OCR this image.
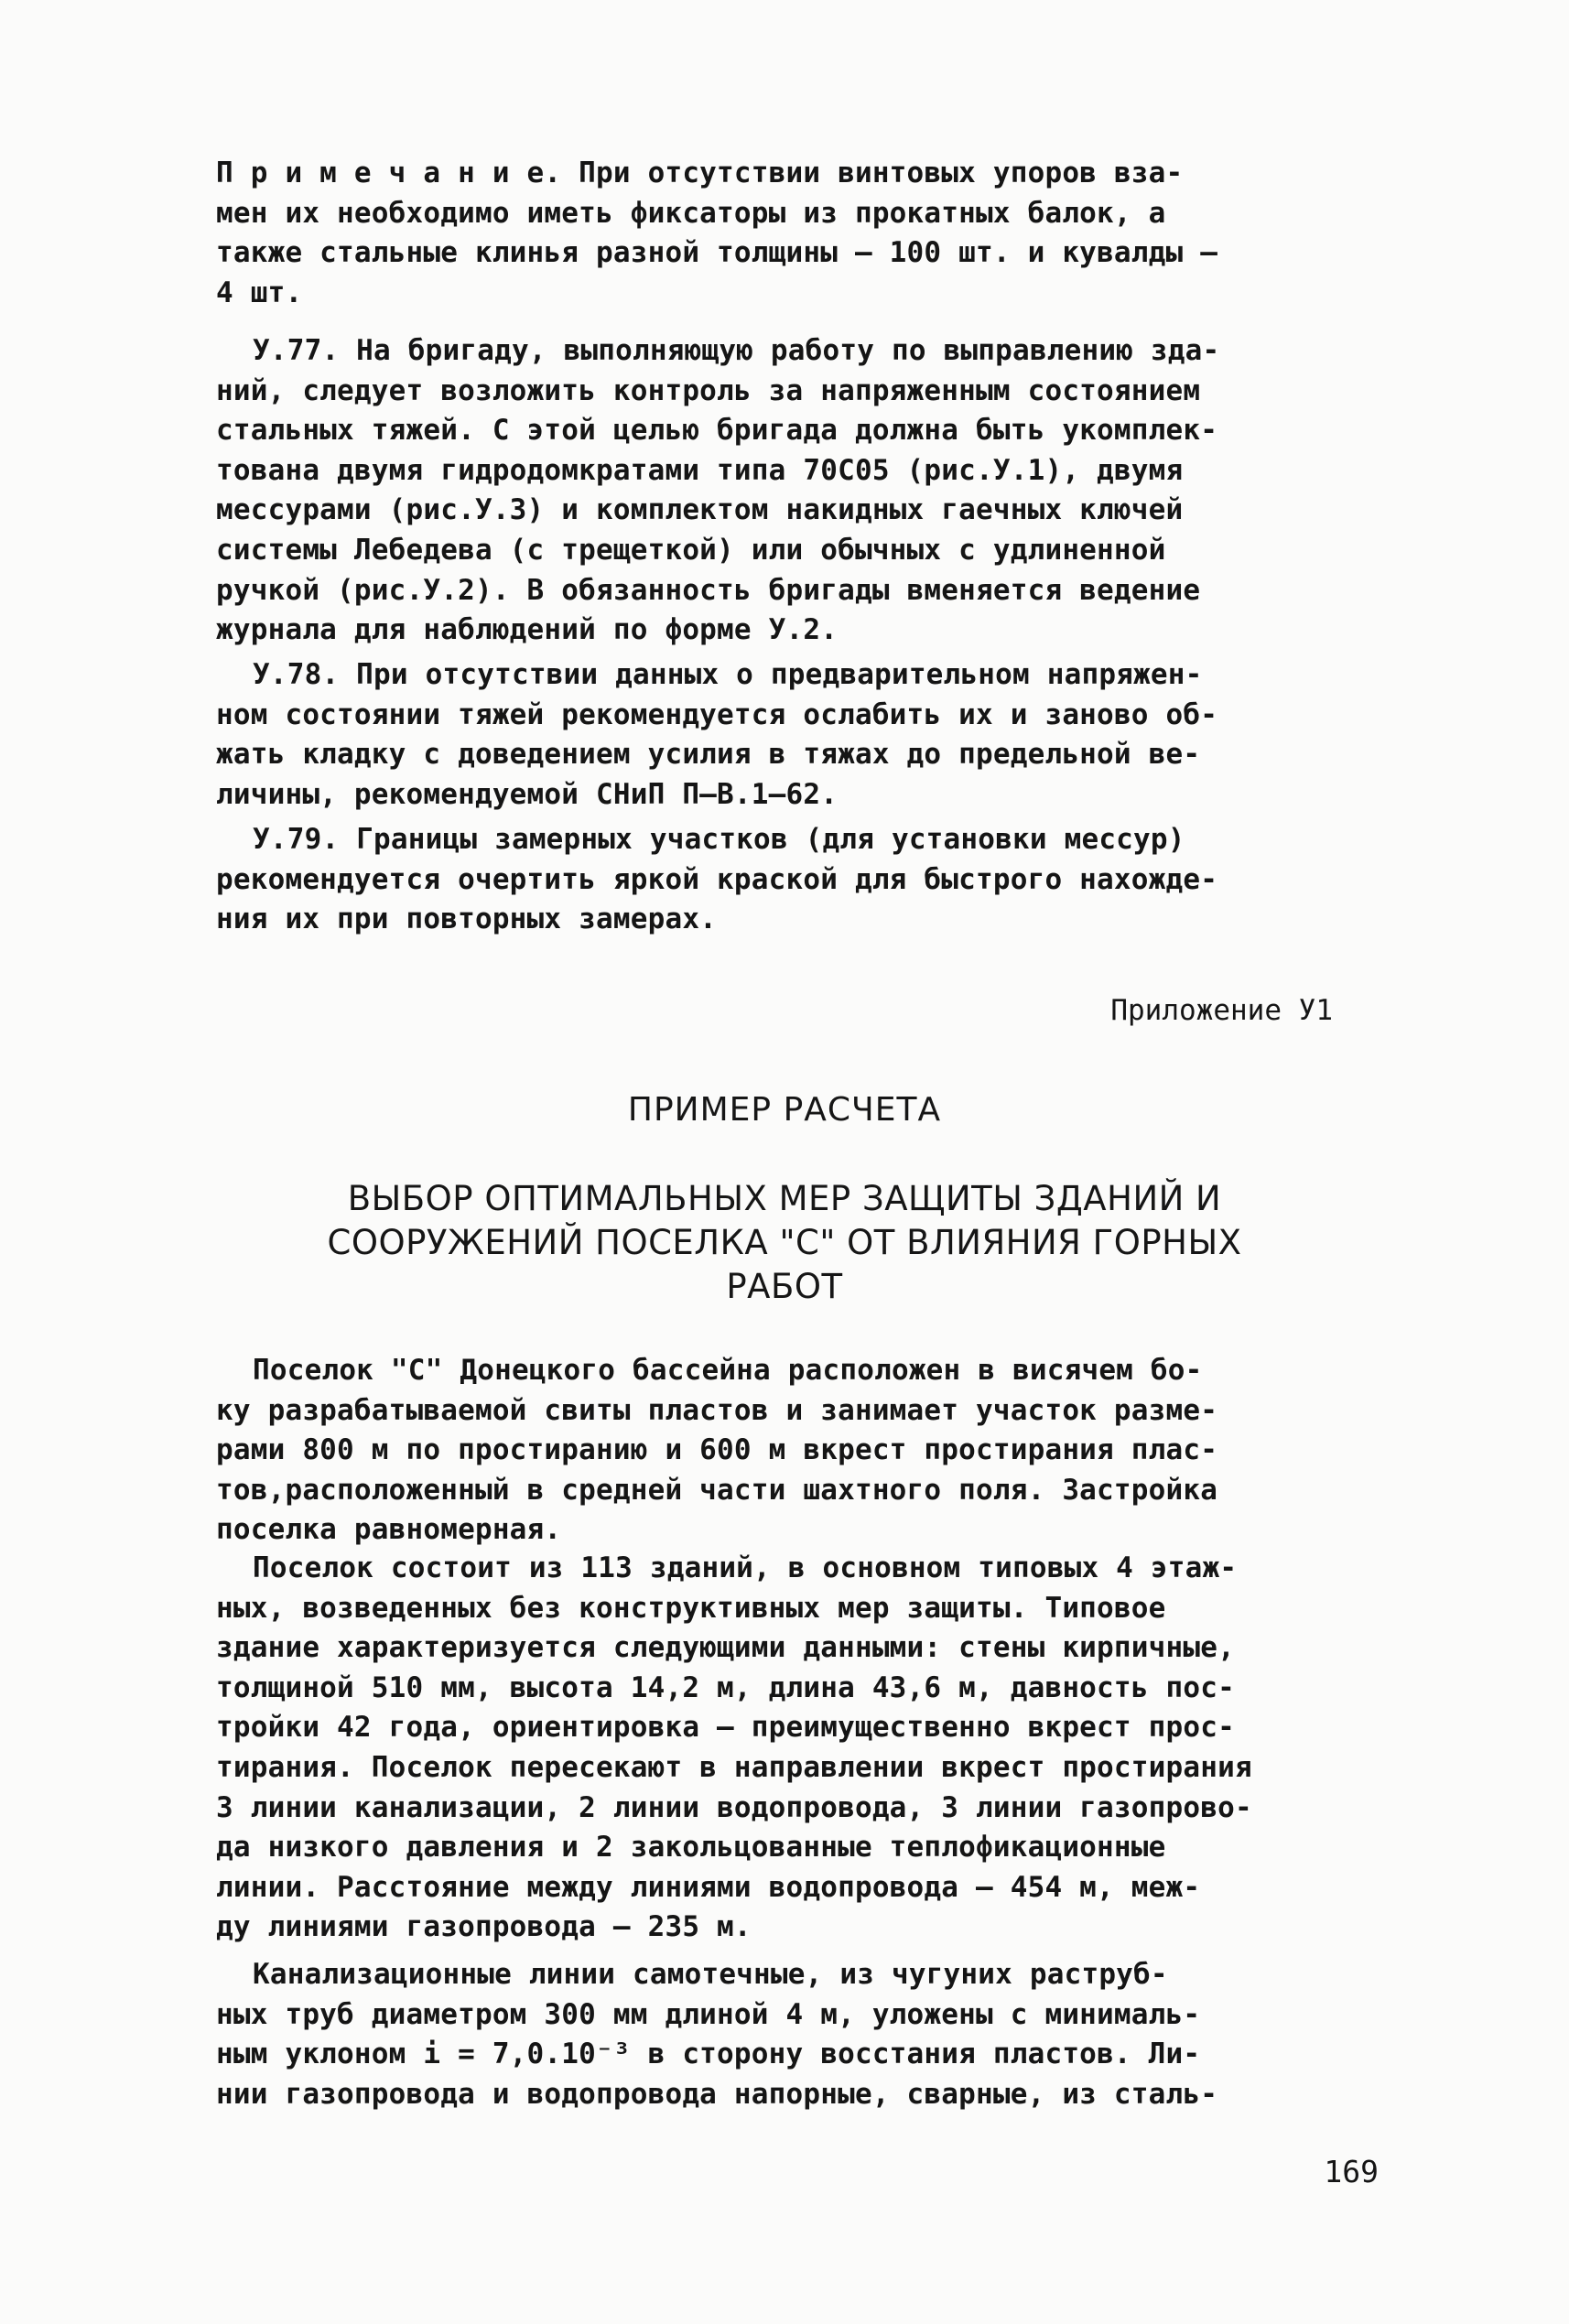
П р и м е ч а н и е. При отсутствии винтовых упоров вза-
мен их необходимо иметь фиксаторы из прокатных балок, а
также стальные клинья разной толщины – 100 шт. и кувалды –
4 шт.

У.77. На бригаду, выполняющую работу по выправлению зда-
ний, следует возложить контроль за напряженным состоянием
стальных тяжей. С этой целью бригада должна быть укомплек-
тована двумя гидродомкратами типа 70С05 (рис.У.1), двумя
мессурами (рис.У.3) и комплектом накидных гаечных ключей
системы Лебедева (с трещеткой) или обычных с удлиненной
ручкой (рис.У.2). В обязанность бригады вменяется ведение
журнала для наблюдений по форме У.2.

У.78. При отсутствии данных о предварительном напряжен-
ном состоянии тяжей рекомендуется ослабить их и заново об-
жать кладку с доведением усилия в тяжах до предельной ве-
личины, рекомендуемой СНиП П–В.1–62.

У.79. Границы замерных участков (для установки мессур)
рекомендуется очертить яркой краской для быстрого нахожде-
ния их при повторных замерах.

Приложение У1
ПРИМЕР РАСЧЕТА
ВЫБОР ОПТИМАЛЬНЫХ МЕР ЗАЩИТЫ ЗДАНИЙ И
СООРУЖЕНИЙ ПОСЕЛКА "С" ОТ ВЛИЯНИЯ ГОРНЫХ
РАБОТ

Поселок "С" Донецкого бассейна расположен в висячем бо-
ку разрабатываемой свиты пластов и занимает участок разме-
рами 800 м по простиранию и 600 м вкрест простирания плас-
тов,расположенный в средней части шахтного поля. Застройка
поселка равномерная.

Поселок состоит из 113 зданий, в основном типовых 4 этаж-
ных, возведенных без конструктивных мер защиты. Типовое
здание характеризуется следующими данными: стены кирпичные,
толщиной 510 мм, высота 14,2 м, длина 43,6 м, давность пос-
тройки 42 года, ориентировка – преимущественно вкрест прос-
тирания. Поселок пересекают в направлении вкрест простирания
3 линии канализации, 2 линии водопровода, 3 линии газопрово-
да низкого давления и 2 закольцованные теплофикационные
линии. Расстояние между линиями водопровода – 454 м, меж-
ду линиями газопровода – 235 м.

Канализационные линии самотечные, из чугуних раструб-
ных труб диаметром 300 мм длиной 4 м, уложены с минималь-
ным уклоном i = 7,0.10⁻³ в сторону восстания пластов. Ли-
нии газопровода и водопровода напорные, сварные, из сталь-

169
